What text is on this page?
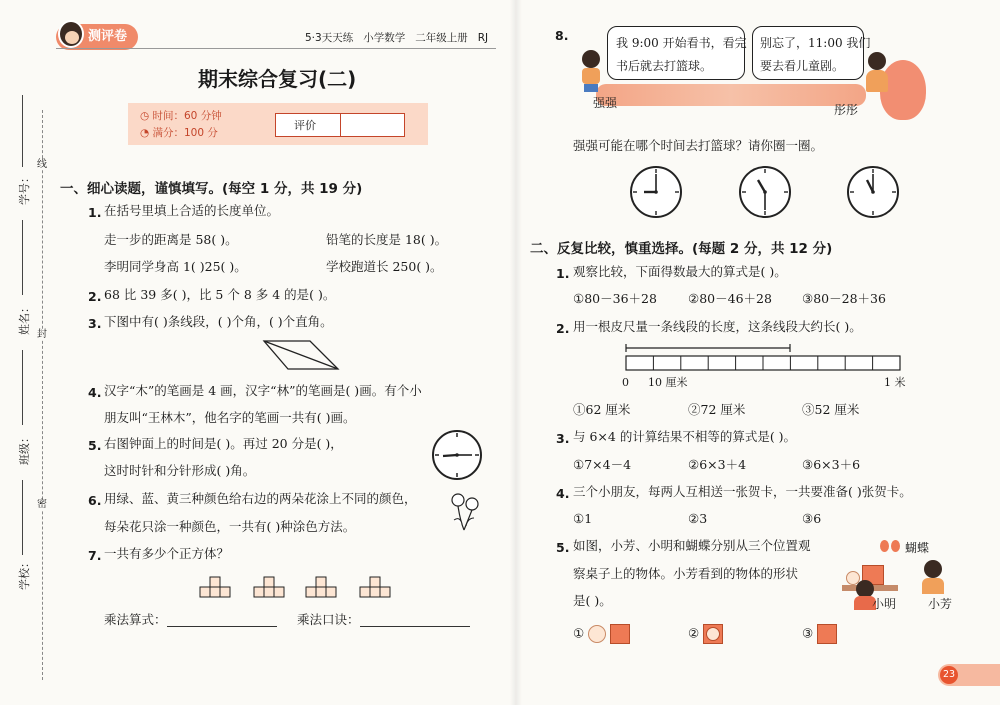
学号：
姓名：
班级：
学校：
线
封
密
测评卷	5·3天天练 小学数学 二年级上册 RJ
期末综合复习(二)
◷ 时间：60 分钟
◔ 满分：100 分
评价
一、细心读题，谨慎填写。(每空 1 分，共 19 分)
1. 在括号里填上合适的长度单位。
走一步的距离是 58( )。	铅笔的长度是 18( )。
李明同学身高 1( )25( )。	学校跑道长 250( )。
2. 68 比 39 多( )，比 5 个 8 多 4 的是( )。
3. 下图中有( )条线段，( )个角，( )个直角。
4. 汉字“木”的笔画是 4 画，汉字“林”的笔画是( )画。有个小
朋友叫“王林木”，他名字的笔画一共有( )画。
5. 右图钟面上的时间是( )。再过 20 分是( )，
这时时针和分针形成( )角。
6. 用绿、蓝、黄三种颜色给右边的两朵花涂上不同的颜色，
每朵花只涂一种颜色，一共有( )种涂色方法。
7. 一共有多少个正方体？
乘法算式：	乘法口诀：
8.	我 9:00 开始看书，看完
书后就去打篮球。
别忘了，11:00 我们
要去看儿童剧。
强强	彤彤
强强可能在哪个时间去打篮球？请你圈一圈。
二、反复比较，慎重选择。(每题 2 分，共 12 分)
1. 观察比较，下面得数最大的算式是( )。
①80－36＋28 ②80－46＋28 ③80－28＋36
2. 用一根皮尺量一条线段的长度，这条线段大约长( )。
0 10 厘米	1 米
①62 厘米	②72 厘米	③52 厘米
3. 与 6×4 的计算结果不相等的算式是( )。
①7×4－4	②6×3＋4	③6×3＋6
4. 三个小朋友，每两人互相送一张贺卡，一共要准备( )张贺卡。
①1	②3	③6
5. 如图，小芳、小明和蝴蝶分别从三个位置观
察桌子上的物体。小芳看到的物体的形状
是( )。
蝴蝶
小明	小芳
①	②	③
23
